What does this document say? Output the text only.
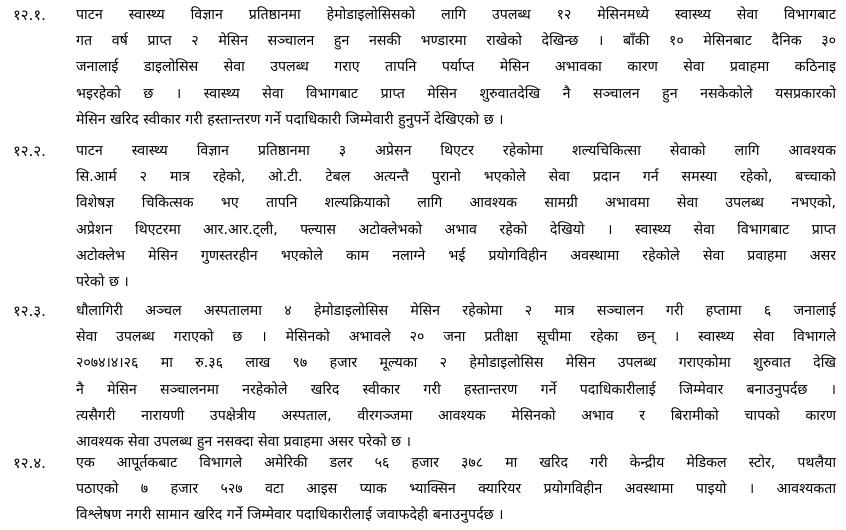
१२.१. पाटन स्वास्थ्य विज्ञान प्रतिष्ठानमा हेमोडाइलोसिसको लागि उपलब्ध १२ मेसिनमध्ये स्वास्थ्य सेवा विभागबाट
गत वर्ष प्राप्त २ मेसिन सञ्चालन हुन नसकी भण्डारमा राखेको देखिन्छ । बाँकी १० मेसिनबाट दैनिक ३०
जनालाई डाइलोसिस सेवा उपलब्ध गराए तापनि पर्याप्त मेसिन अभावका कारण सेवा प्रवाहमा कठिनाइ
भइरहेको छ । स्वास्थ्य सेवा विभागबाट प्राप्त मेसिन शुरुवातदेखि नै सञ्चालन हुन नसकेकोले यसप्रकारको
मेसिन खरिद स्वीकार गरी हस्तान्तरण गर्ने पदाधिकारी जिम्मेवारी हुनुपर्ने देखिएको छ ।
१२.२. पाटन स्वास्थ्य विज्ञान प्रतिष्ठानमा ३ अप्रेसन थिएटर रहेकोमा शल्यचिकित्सा सेवाको लागि आवश्यक
सि.आर्म २ मात्र रहेको, ओ.टी. टेबल अत्यन्तै पुरानो भएकोले सेवा प्रदान गर्न समस्या रहेको, बच्चाको
विशेषज्ञ चिकित्सक भए तापनि शल्यक्रियाको लागि आवश्यक सामग्री अभावमा सेवा उपलब्ध नभएको,
अप्रेशन थिएटरमा आर.आर.ट्ली, फ्ल्यास अटोक्लेभको अभाव रहेको देखियो । स्वास्थ्य सेवा विभागबाट प्राप्त
अटोक्लेभ मेसिन गुणस्तरहीन भएकोले काम नलाग्ने भई प्रयोगविहीन अवस्थामा रहेकोले सेवा प्रवाहमा असर
परेको छ ।
१२.३. धौलागिरी अञ्चल अस्पतालमा ४ हेमोडाइलोसिस मेसिन रहेकोमा २ मात्र सञ्चालन गरी हप्तामा ६ जनालाई
सेवा उपलब्ध गराएको छ । मेसिनको अभावले २० जना प्रतीक्षा सूचीमा रहेका छन् । स्वास्थ्य सेवा विभागले
२०७४।४।२६ मा रु.३६ लाख ९७ हजार मूल्यका २ हेमोडाइलोसिस मेसिन उपलब्ध गराएकोमा शुरुवात देखि
नै मेसिन सञ्चालनमा नरहेकोले खरिद स्वीकार गरी हस्तान्तरण गर्ने पदाधिकारीलाई जिम्मेवार बनाउनुपर्दछ ।
त्यसैगरी नारायणी उपक्षेत्रीय अस्पताल, वीरगञ्जमा आवश्यक मेसिनको अभाव र बिरामीको चापको कारण
आवश्यक सेवा उपलब्ध हुन नसक्दा सेवा प्रवाहमा असर परेको छ ।
१२.४. एक आपूर्तकबाट विभागले अमेरिकी डलर ५६ हजार ३७८ मा खरिद गरी केन्द्रीय मेडिकल स्टोर, पथलैया
पठाएको ७ हजार ५२७ वटा आइस प्याक भ्याक्सिन क्यारियर प्रयोगविहीन अवस्थामा पाइयो । आवश्यकता
विश्लेषण नगरी सामान खरिद गर्ने जिम्मेवार पदाधिकारीलाई जवाफदेही बनाउनुपर्दछ ।
